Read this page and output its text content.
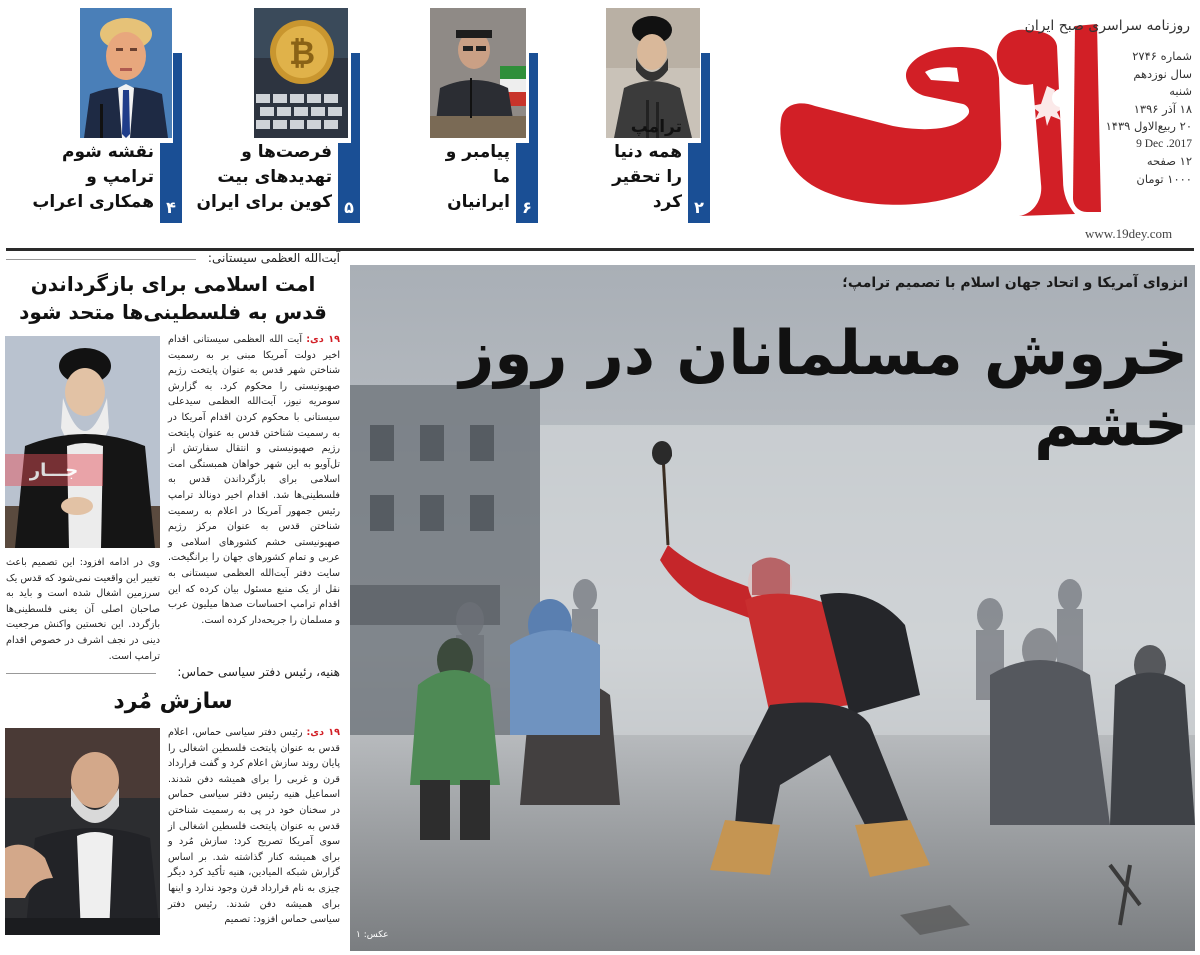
روزنامه سراسری صبح ایران
شماره ۲۷۴۶
سال نوزدهم
شنبه
۱۸ آذر ۱۳۹۶
۲۰ ربیع‌الاول ۱۴۳۹
9 Dec .2017
۱۲ صفحه
۱۰۰۰ تومان
www.19dey.com
۲
ترامپ همه دنیا را تحقیر کرد
۶
پیامبر و ما ایرانیان
₿
۵
فرصت‌ها و تهدیدهای بیت کوین برای ایران
۴
نقشه شوم ترامپ و همکاری اعراب
انزوای آمریکا و اتحاد جهان اسلام با تصمیم ترامپ؛
خروش مسلمانان در روز خشم
عکس: ۱
آیت‌الله العظمی سیستانی:
امت اسلامی برای بازگرداندن قدس به فلسطینی‌ها متحد شود
جـــار
۱۹ دی: آیت الله العظمی سیستانی اقدام اخیر دولت آمریکا مبنی بر به رسمیت شناختن شهر قدس به عنوان پایتخت رژیم صهیونیستی را محکوم کرد. به گزارش سومریه نیوز، آیت‌الله العظمی سیدعلی سیستانی با محکوم کردن اقدام آمریکا در به رسمیت شناختن قدس به عنوان پایتخت رژیم صهیونیستی و انتقال سفارتش از تل‌آویو به این شهر خواهان همبستگی امت اسلامی برای بازگرداندن قدس به فلسطینی‌ها شد. اقدام اخیر دونالد ترامپ رئیس جمهور آمریکا در اعلام به رسمیت شناختن قدس به عنوان مرکز رژیم صهیونیستی خشم کشورهای اسلامی و عربی و تمام کشورهای جهان را برانگیخت. سایت دفتر آیت‌الله العظمی سیستانی به نقل از یک منبع مسئول بیان کرده که این اقدام ترامپ احساسات صدها میلیون عرب و مسلمان را جریحه‌دار کرده است.
وی در ادامه افزود: این تصمیم باعث تغییر این واقعیت نمی‌شود که قدس یک سرزمین اشغال شده است و باید به صاحبان اصلی آن یعنی فلسطینی‌ها بازگردد. این نخستین واکنش مرجعیت دینی در نجف اشرف در خصوص اقدام ترامپ است.
هنیه، رئیس دفتر سیاسی حماس:
سازش مُرد
۱۹ دی: رئیس دفتر سیاسی حماس، اعلام قدس به عنوان پایتخت فلسطین اشغالی را پایان روند سازش اعلام کرد و گفت قرارداد قرن و غربی را برای همیشه دفن شدند. اسماعیل هنیه رئیس دفتر سیاسی حماس در سخنان خود در پی به رسمیت شناختن قدس به عنوان پایتخت فلسطین اشغالی از سوی آمریکا تصریح کرد: سازش مُرد و برای همیشه کنار گذاشته شد. بر اساس گزارش شبکه المیادین، هنیه تأکید کرد دیگر چیزی به نام قرارداد قرن وجود ندارد و اینها برای همیشه دفن شدند. رئیس دفتر سیاسی حماس افزود: تصمیم
